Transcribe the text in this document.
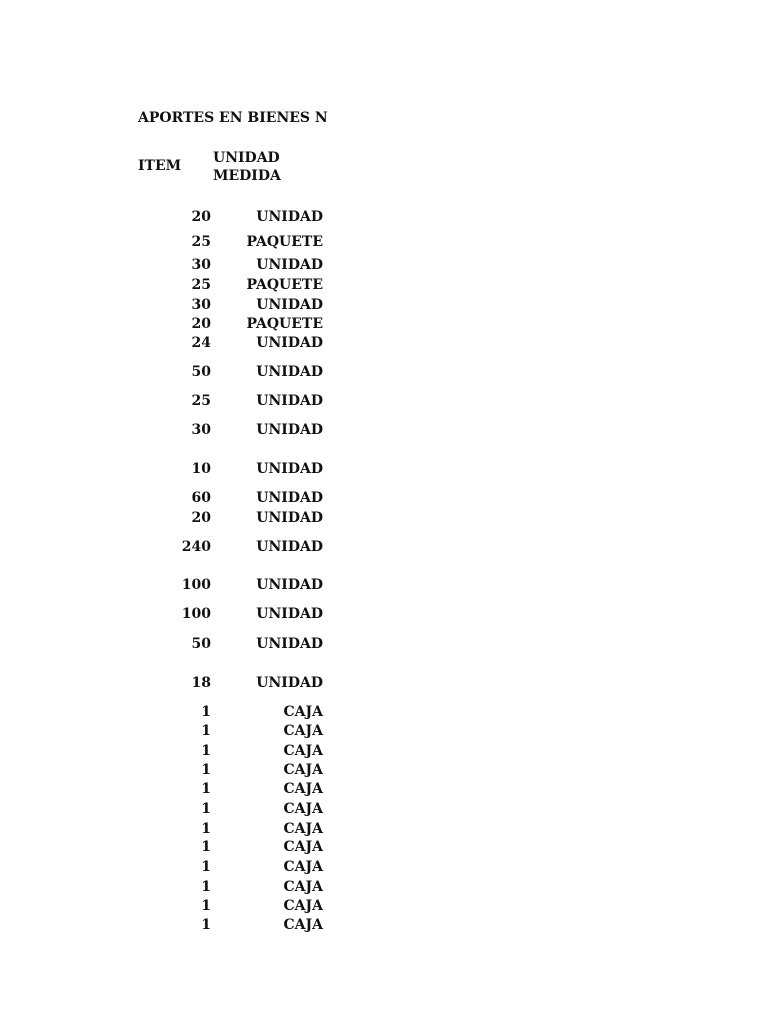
APORTES EN BIENES N
ITEM UNIDAD
MEDIDA
20	UNIDAD
25	PAQUETE
30	UNIDAD
25	PAQUETE
30	UNIDAD
20	PAQUETE
24	UNIDAD
50	UNIDAD
25	UNIDAD
30	UNIDAD
10	UNIDAD
60	UNIDAD
20	UNIDAD
240	UNIDAD
100	UNIDAD
100	UNIDAD
50	UNIDAD
18	UNIDAD
1	CAJA
1	CAJA
1	CAJA
1	CAJA
1	CAJA
1	CAJA
1	CAJA
1	CAJA
1	CAJA
1	CAJA
1	CAJA
1	CAJA
